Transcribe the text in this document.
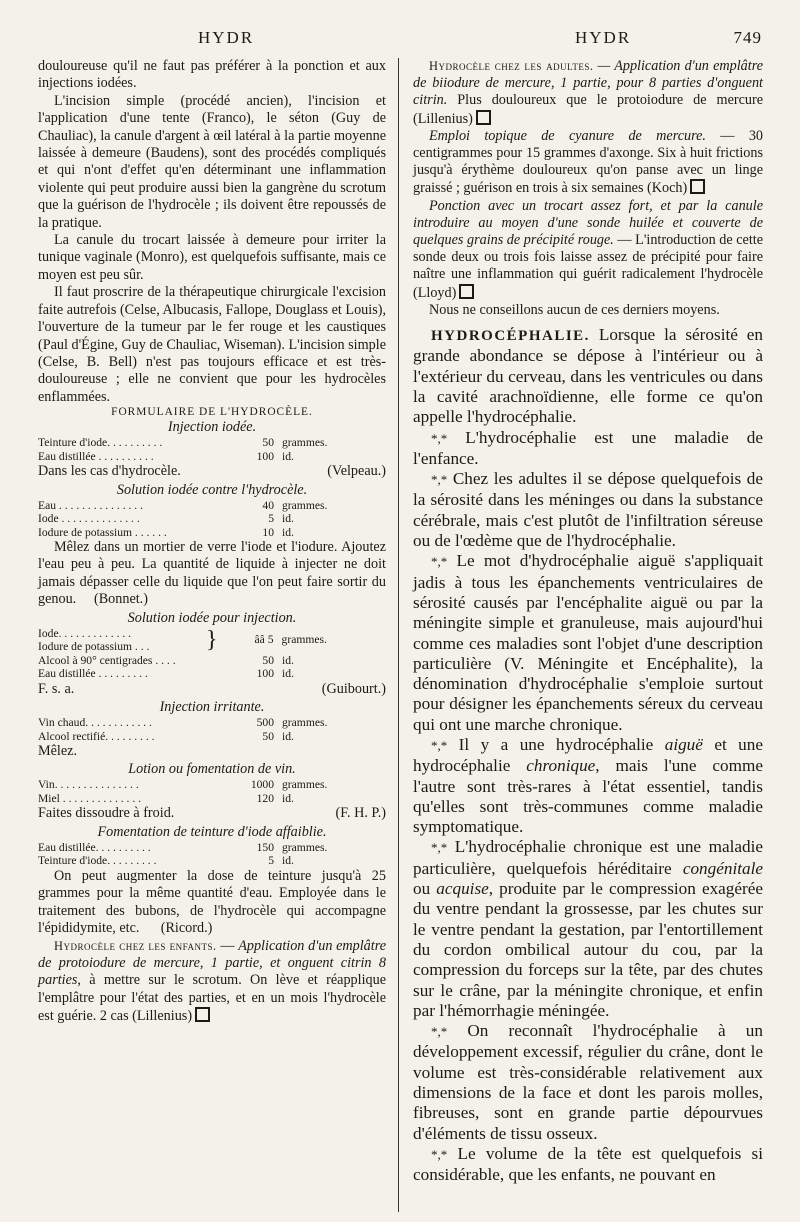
HYDR	HYDR	749

douloureuse qu'il ne faut pas préférer à la ponction et aux injections iodées.

L'incision simple (procédé ancien), l'incision et l'application d'une tente (Franco), le séton (Guy de Chauliac), la canule d'argent à œil latéral à la partie moyenne laissée à demeure (Baudens), sont des procédés compliqués et qui n'ont d'effet qu'en déterminant une inflammation violente qui peut produire aussi bien la gangrène du scrotum que la guérison de l'hydrocèle ; ils doivent être repoussés de la pratique.

La canule du trocart laissée à demeure pour irriter la tunique vaginale (Monro), est quelquefois suffisante, mais ce moyen est peu sûr.

Il faut proscrire de la thérapeutique chirurgicale l'excision faite autrefois (Celse, Albucasis, Fallope, Douglass et Louis), l'ouverture de la tumeur par le fer rouge et les caustiques (Paul d'Égine, Guy de Chauliac, Wiseman). L'incision simple (Celse, B. Bell) n'est pas toujours efficace et est très-douloureuse ; elle ne convient que pour les hydrocèles enflammées.

FORMULAIRE DE L'HYDROCÈLE.
Injection iodée.
Teinture d'iode. . . . . . . . . .	50 grammes.
Eau distillée . . . . . . . . . .	100 id.
Dans les cas d'hydrocèle.	(Velpeau.)
Solution iodée contre l'hydrocèle.
Eau . . . . . . . . . . . . . . .	40 grammes.
Iode . . . . . . . . . . . . . .	5 id.
Iodure de potassium . . . . . .	10 id.

Mêlez dans un mortier de verre l'iode et l'iodure. Ajoutez l'eau peu à peu. La quantité de liquide à injecter ne doit jamais dépasser celle du liquide que l'on peut faire sortir du genou. (Bonnet.)

Solution iodée pour injection.
Iode. . . . . . . . . . . . .
Iodure de potassium . . .	}	ââ 5 grammes.
Alcool à 90° centigrades . . . .	50 id.
Eau distillée . . . . . . . . .	100 id.
F. s. a.	(Guibourt.)
Injection irritante.
Vin chaud. . . . . . . . . . . .	500 grammes.
Alcool rectifié. . . . . . . . .	50 id.
Mêlez.
Lotion ou fomentation de vin.
Vin. . . . . . . . . . . . . . .	1000 grammes.
Miel . . . . . . . . . . . . . .	120 id.
Faites dissoudre à froid.	(F. H. P.)
Fomentation de teinture d'iode affaiblie.
Eau distillée. . . . . . . . . .	150 grammes.
Teinture d'iode. . . . . . . . .	5 id.

On peut augmenter la dose de teinture jusqu'à 25 grammes pour la même quantité d'eau. Employée dans le traitement des bubons, de l'hydrocèle qui accompagne l'épididymite, etc. (Ricord.)

Hydrocèle chez les enfants. — Application d'un emplâtre de protoiodure de mercure, 1 partie, et onguent citrin 8 parties, à mettre sur le scrotum. On lève et réapplique l'emplâtre pour l'état des parties, et en un mois l'hydrocèle est guérie. 2 cas (Lillenius)

Hydrocèle chez les adultes. — Application d'un emplâtre de biiodure de mercure, 1 partie, pour 8 parties d'onguent citrin. Plus douloureux que le protoiodure de mercure (Lillenius)

Emploi topique de cyanure de mercure. — 30 centigrammes pour 15 grammes d'axonge. Six à huit frictions jusqu'à érythème douloureux qu'on panse avec un linge graissé ; guérison en trois à six semaines (Koch)

Ponction avec un trocart assez fort, et par la canule introduire au moyen d'une sonde huilée et couverte de quelques grains de précipité rouge. — L'introduction de cette sonde deux ou trois fois laisse assez de précipité pour faire naître une inflammation qui guérit radicalement l'hydrocèle (Lloyd)

Nous ne conseillons aucun de ces derniers moyens.

HYDROCÉPHALIE. Lorsque la sérosité en grande abondance se dépose à l'intérieur ou à l'extérieur du cerveau, dans les ventricules ou dans la cavité arachnoïdienne, elle forme ce qu'on appelle l'hydrocéphalie.

*,* L'hydrocéphalie est une maladie de l'enfance.

*,* Chez les adultes il se dépose quelquefois de la sérosité dans les méninges ou dans la substance cérébrale, mais c'est plutôt de l'infiltration séreuse ou de l'œdème que de l'hydrocéphalie.

*,* Le mot d'hydrocéphalie aiguë s'appliquait jadis à tous les épanchements ventriculaires de sérosité causés par l'encéphalite aiguë ou par la méningite simple et granuleuse, mais aujourd'hui comme ces maladies sont l'objet d'une description particulière (V. Méningite et Encéphalite), la dénomination d'hydrocéphalie s'emploie surtout pour désigner les épanchements séreux du cerveau qui ont une marche chronique.

*,* Il y a une hydrocéphalie aiguë et une hydrocéphalie chronique, mais l'une comme l'autre sont très-rares à l'état essentiel, tandis qu'elles sont très-communes comme maladie symptomatique.

*,* L'hydrocéphalie chronique est une maladie particulière, quelquefois héréditaire congénitale ou acquise, produite par le compression exagérée du ventre pendant la grossesse, par les chutes sur le ventre pendant la gestation, par l'entortillement du cordon ombilical autour du cou, par la compression du forceps sur la tête, par des chutes sur le crâne, par la méningite chronique, et enfin par l'hémorrhagie méningée.

*,* On reconnaît l'hydrocéphalie à un développement excessif, régulier du crâne, dont le volume est très-considérable relativement aux dimensions de la face et dont les parois molles, fibreuses, sont en grande partie dépourvues d'éléments de tissu osseux.

*,* Le volume de la tête est quelquefois si considérable, que les enfants, ne pouvant en
